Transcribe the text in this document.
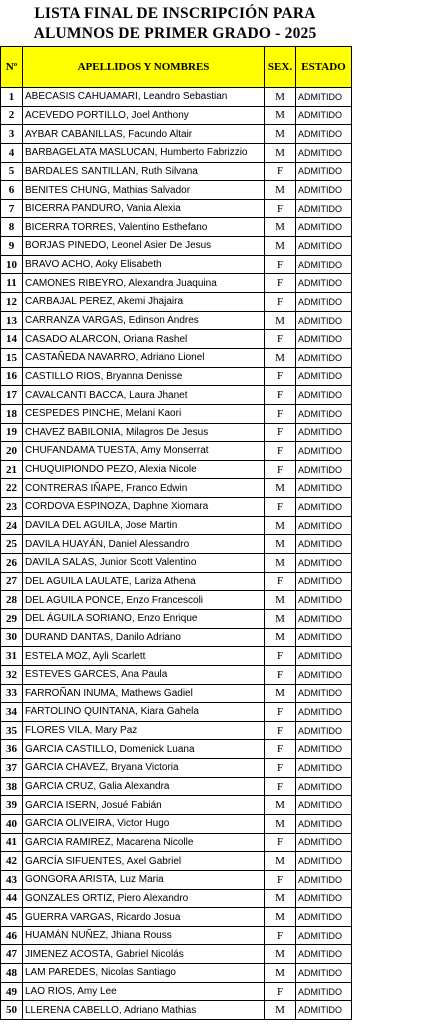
LISTA FINAL DE INSCRIPCIÓN PARA
ALUMNOS DE PRIMER GRADO - 2025
Nº	APELLIDOS Y NOMBRES	SEX.	ESTADO
1	ABECASIS CAHUAMARI, Leandro Sebastian	M	ADMITIDO
2	ACEVEDO PORTILLO, Joel Anthony	M	ADMITIDO
3	AYBAR CABANILLAS, Facundo Altair	M	ADMITIDO
4	BARBAGELATA MASLUCAN, Humberto Fabrizzio	M	ADMITIDO
5	BARDALES SANTILLAN, Ruth Silvana	F	ADMITIDO
6	BENITES CHUNG, Mathias Salvador	M	ADMITIDO
7	BICERRA PANDURO, Vania Alexia	F	ADMITIDO
8	BICERRA TORRES, Valentino Esthefano	M	ADMITIDO
9	BORJAS PINEDO, Leonel Asier De Jesus	M	ADMITIDO
10	BRAVO ACHO, Aoky Elisabeth	F	ADMITIDO
11	CAMONES RIBEYRO, Alexandra Juaquina	F	ADMITIDO
12	CARBAJAL PEREZ, Akemi Jhajaira	F	ADMITIDO
13	CARRANZA VARGAS, Edinson Andres	M	ADMITIDO
14	CASADO ALARCON, Oriana Rashel	F	ADMITIDO
15	CASTAÑEDA NAVARRO, Adriano Lionel	M	ADMITIDO
16	CASTILLO RIOS, Bryanna Denisse	F	ADMITIDO
17	CAVALCANTI BACCA, Laura Jhanet	F	ADMITIDO
18	CESPEDES PINCHE, Melani Kaori	F	ADMITIDO
19	CHAVEZ BABILONIA, Milagros De Jesus	F	ADMITIDO
20	CHUFANDAMA TUESTA, Amy Monserrat	F	ADMITIDO
21	CHUQUIPIONDO PEZO, Alexia Nicole	F	ADMITIDO
22	CONTRERAS IÑAPE, Franco Edwin	M	ADMITIDO
23	CORDOVA ESPINOZA, Daphne Xiomara	F	ADMITIDO
24	DAVILA DEL AGUILA, Jose Martin	M	ADMITIDO
25	DAVILA HUAYÁN, Daniel Alessandro	M	ADMITIDO
26	DAVILA SALAS, Junior Scott Valentino	M	ADMITIDO
27	DEL AGUILA LAULATE, Lariza Athena	F	ADMITIDO
28	DEL AGUILA PONCE, Enzo Francescoli	M	ADMITIDO
29	DEL ÁGUILA SORIANO, Enzo Enrique	M	ADMITIDO
30	DURAND DANTAS, Danilo Adriano	M	ADMITIDO
31	ESTELA MOZ, Ayli Scarlett	F	ADMITIDO
32	ESTEVES GARCES, Ana Paula	F	ADMITIDO
33	FARROÑAN INUMA, Mathews Gadiel	M	ADMITIDO
34	FARTOLINO QUINTANA, Kiara Gahela	F	ADMITIDO
35	FLORES VILA, Mary Paz	F	ADMITIDO
36	GARCIA CASTILLO, Domenick Luana	F	ADMITIDO
37	GARCIA CHAVEZ, Bryana Victoria	F	ADMITIDO
38	GARCIA CRUZ, Galia Alexandra	F	ADMITIDO
39	GARCIA ISERN, Josué Fabián	M	ADMITIDO
40	GARCIA OLIVEIRA, Victor Hugo	M	ADMITIDO
41	GARCIA RAMIREZ, Macarena Nicolle	F	ADMITIDO
42	GARCÍA SIFUENTES, Axel Gabriel	M	ADMITIDO
43	GONGORA ARISTA, Luz Maria	F	ADMITIDO
44	GONZALES ORTIZ, Piero Alexandro	M	ADMITIDO
45	GUERRA VARGAS, Ricardo Josua	M	ADMITIDO
46	HUAMÁN NUÑEZ, Jhiana Rouss	F	ADMITIDO
47	JIMENEZ ACOSTA, Gabriel Nicolás	M	ADMITIDO
48	LAM PAREDES, Nicolas Santiago	M	ADMITIDO
49	LAO RIOS, Amy Lee	F	ADMITIDO
50	LLERENA CABELLO, Adriano Mathias	M	ADMITIDO
